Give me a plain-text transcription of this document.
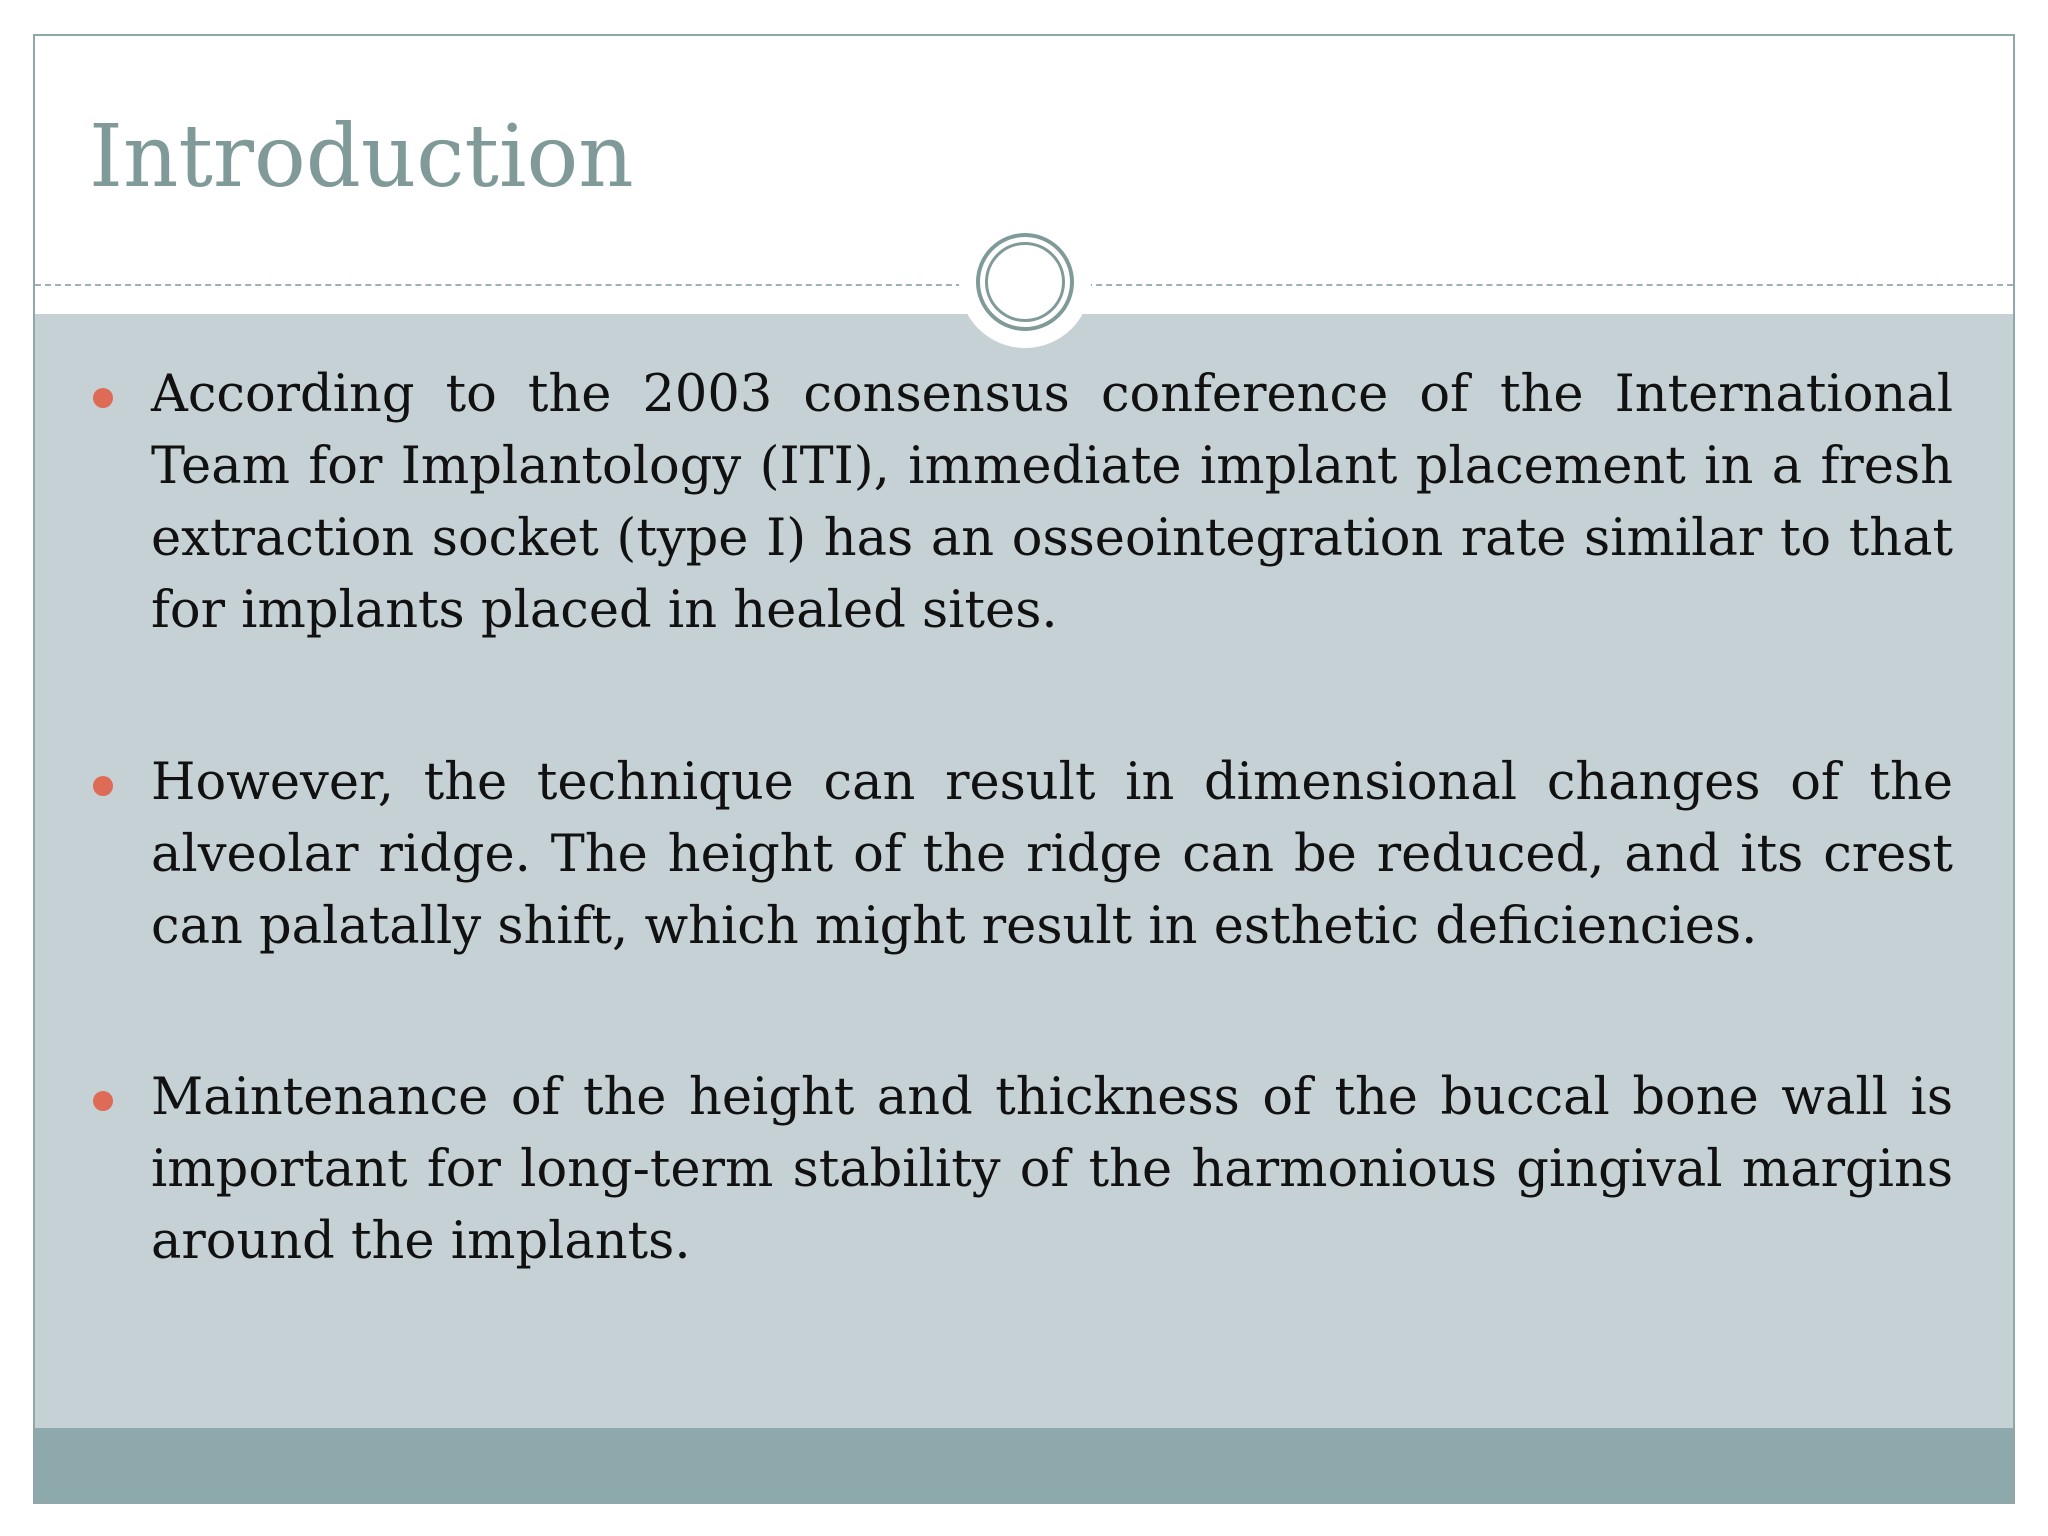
Introduction

According to the 2003 consensus conference of the International Team for Implantology (ITI), immediate implant placement in a fresh extraction socket (type I) has an osseointegration rate similar to that for implants placed in healed sites.

However, the technique can result in dimensional changes of the alveolar ridge. The height of the ridge can be reduced, and its crest can palatally shift, which might result in esthetic deficiencies.

Maintenance of the height and thickness of the buccal bone wall is important for long-term stability of the harmonious gingival margins around the implants.
